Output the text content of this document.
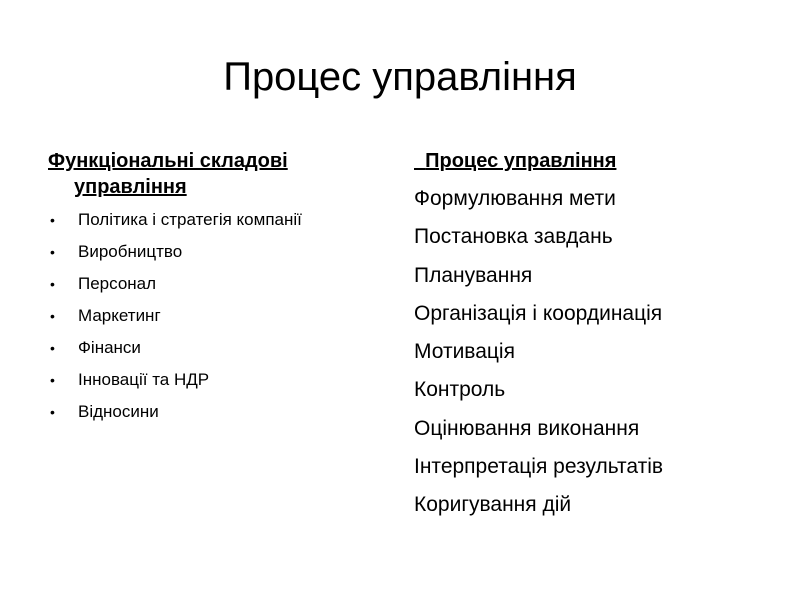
Процес управління
Функціональні складові управління
• Політика і стратегія компанії
• Виробництво
• Персонал
• Маркетинг
• Фінанси
• Інновації та НДР
• Відносини
Процес управління
Формулювання мети
Постановка завдань
Планування
Організація і координація
Мотивація
Контроль
Оцінювання виконання
Інтерпретація результатів
Коригування дій
